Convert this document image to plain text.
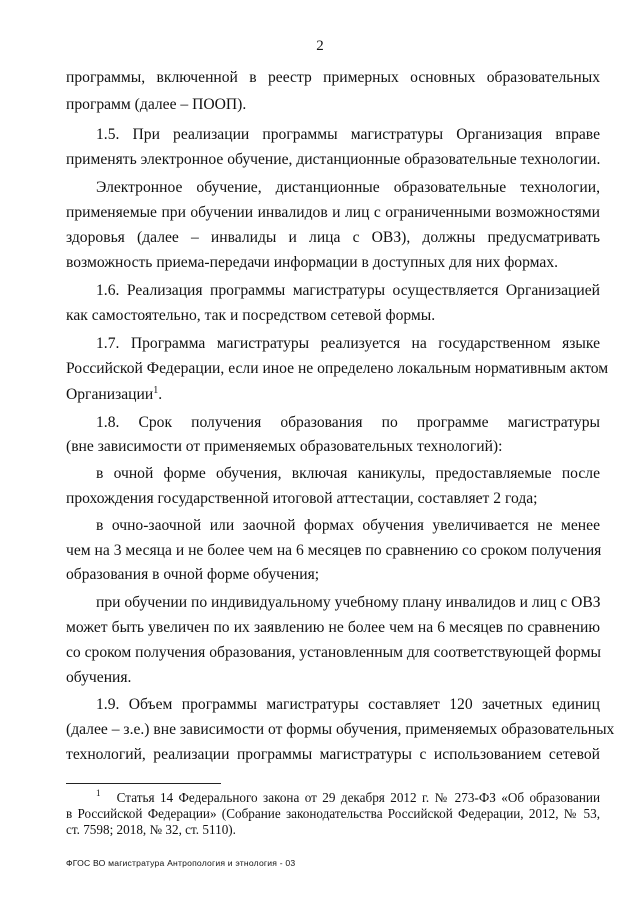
2
программы, включенной в реестр примерных основных образовательных
программ (далее – ПООП).
1.5. При реализации программы магистратуры Организация вправе
применять электронное обучение, дистанционные образовательные технологии.
Электронное обучение, дистанционные образовательные технологии,
применяемые при обучении инвалидов и лиц с ограниченными возможностями
здоровья (далее – инвалиды и лица с ОВЗ), должны предусматривать
возможность приема-передачи информации в доступных для них формах.
1.6. Реализация программы магистратуры осуществляется Организацией
как самостоятельно, так и посредством сетевой формы.
1.7. Программа магистратуры реализуется на государственном языке
Российской Федерации, если иное не определено локальным нормативным актом
Организации$^1$.
1.8. Срок получения образования по программе магистратуры
(вне зависимости от применяемых образовательных технологий):
в очной форме обучения, включая каникулы, предоставляемые после
прохождения государственной итоговой аттестации, составляет 2 года;
в очно-заочной или заочной формах обучения увеличивается не менее
чем на 3 месяца и не более чем на 6 месяцев по сравнению со сроком получения
образования в очной форме обучения;
при обучении по индивидуальному учебному плану инвалидов и лиц с ОВЗ
может быть увеличен по их заявлению не более чем на 6 месяцев по сравнению
со сроком получения образования, установленным для соответствующей формы
обучения.
1.9. Объем программы магистратуры составляет 120 зачетных единиц
(далее – з.е.) вне зависимости от формы обучения, применяемых образовательных
технологий, реализации программы магистратуры с использованием сетевой
$^1$ Статья 14 Федерального закона от 29 декабря 2012 г. № 273-ФЗ «Об образовании
в Российской Федерации» (Собрание законодательства Российской Федерации, 2012, № 53,
ст. 7598; 2018, № 32, ст. 5110).
ФГОС ВО магистратура Антропология и этнология - 03
